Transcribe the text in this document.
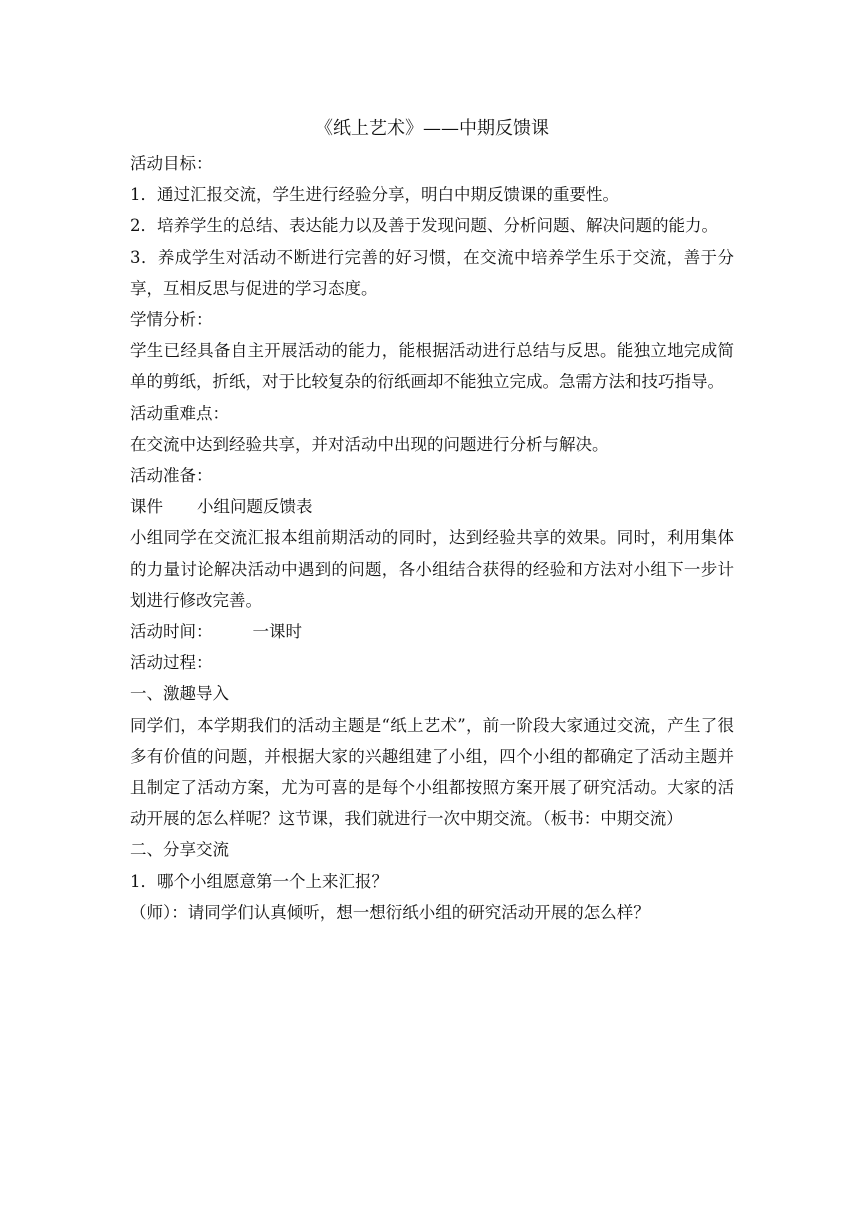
《纸上艺术》——中期反馈课

活动目标：

1．通过汇报交流，学生进行经验分享，明白中期反馈课的重要性。

2．培养学生的总结、表达能力以及善于发现问题、分析问题、解决问题的能力。

3．养成学生对活动不断进行完善的好习惯，在交流中培养学生乐于交流，善于分享，互相反思与促进的学习态度。

学情分析：

学生已经具备自主开展活动的能力，能根据活动进行总结与反思。能独立地完成简单的剪纸，折纸，对于比较复杂的衍纸画却不能独立完成。急需方法和技巧指导。

活动重难点：

在交流中达到经验共享，并对活动中出现的问题进行分析与解决。

活动准备：

课件 小组问题反馈表

小组同学在交流汇报本组前期活动的同时，达到经验共享的效果。同时，利用集体的力量讨论解决活动中遇到的问题，各小组结合获得的经验和方法对小组下一步计划进行修改完善。

活动时间： 一课时

活动过程：

一、激趣导入

同学们，本学期我们的活动主题是“纸上艺术”，前一阶段大家通过交流，产生了很多有价值的问题，并根据大家的兴趣组建了小组，四个小组的都确定了活动主题并且制定了活动方案，尤为可喜的是每个小组都按照方案开展了研究活动。大家的活动开展的怎么样呢？这节课，我们就进行一次中期交流。（板书：中期交流）

二、分享交流

1．哪个小组愿意第一个上来汇报？

（师）：请同学们认真倾听，想一想衍纸小组的研究活动开展的怎么样？
